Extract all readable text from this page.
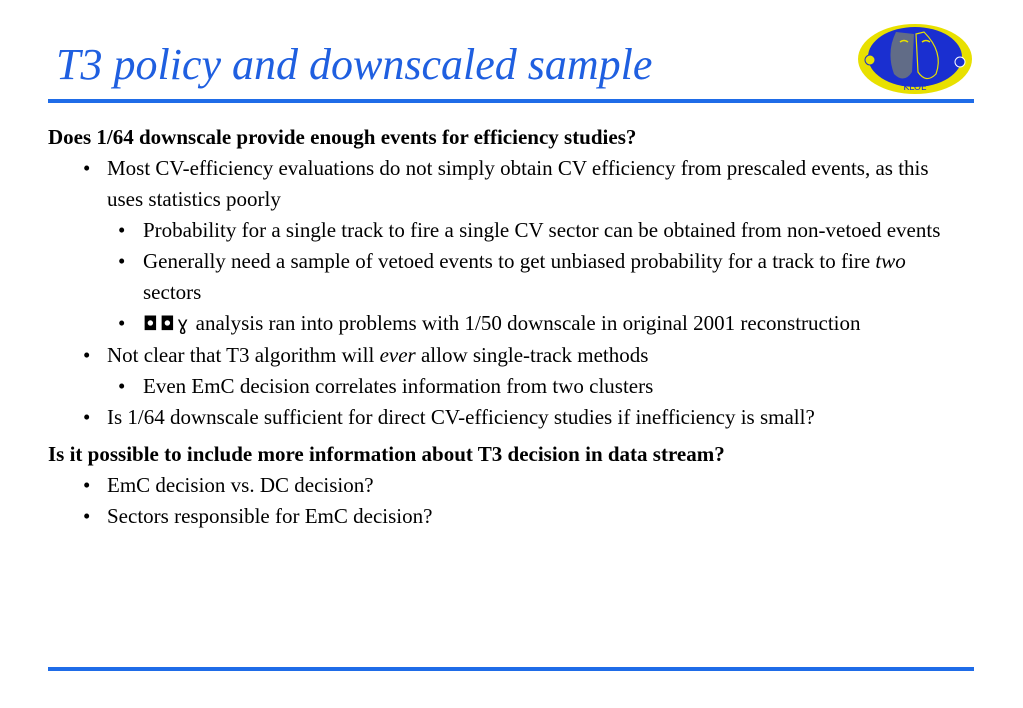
T3 policy and downscaled sample	KLOE
Does 1/64 downscale provide enough events for efficiency studies?
• Most CV-efficiency evaluations do not simply obtain CV efficiency from prescaled events, as this uses statistics poorly
• Probability for a single track to fire a single CV sector can be obtained from non-vetoed events
• Generally need a sample of vetoed events to get unbiased probability for a track to fire two sectors
• ◘◘ɣ analysis ran into problems with 1/50 downscale in original 2001 reconstruction
• Not clear that T3 algorithm will ever allow single-track methods
• Even EmC decision correlates information from two clusters
• Is 1/64 downscale sufficient for direct CV-efficiency studies if inefficiency is small?
Is it possible to include more information about T3 decision in data stream?
• EmC decision vs. DC decision?
• Sectors responsible for EmC decision?
